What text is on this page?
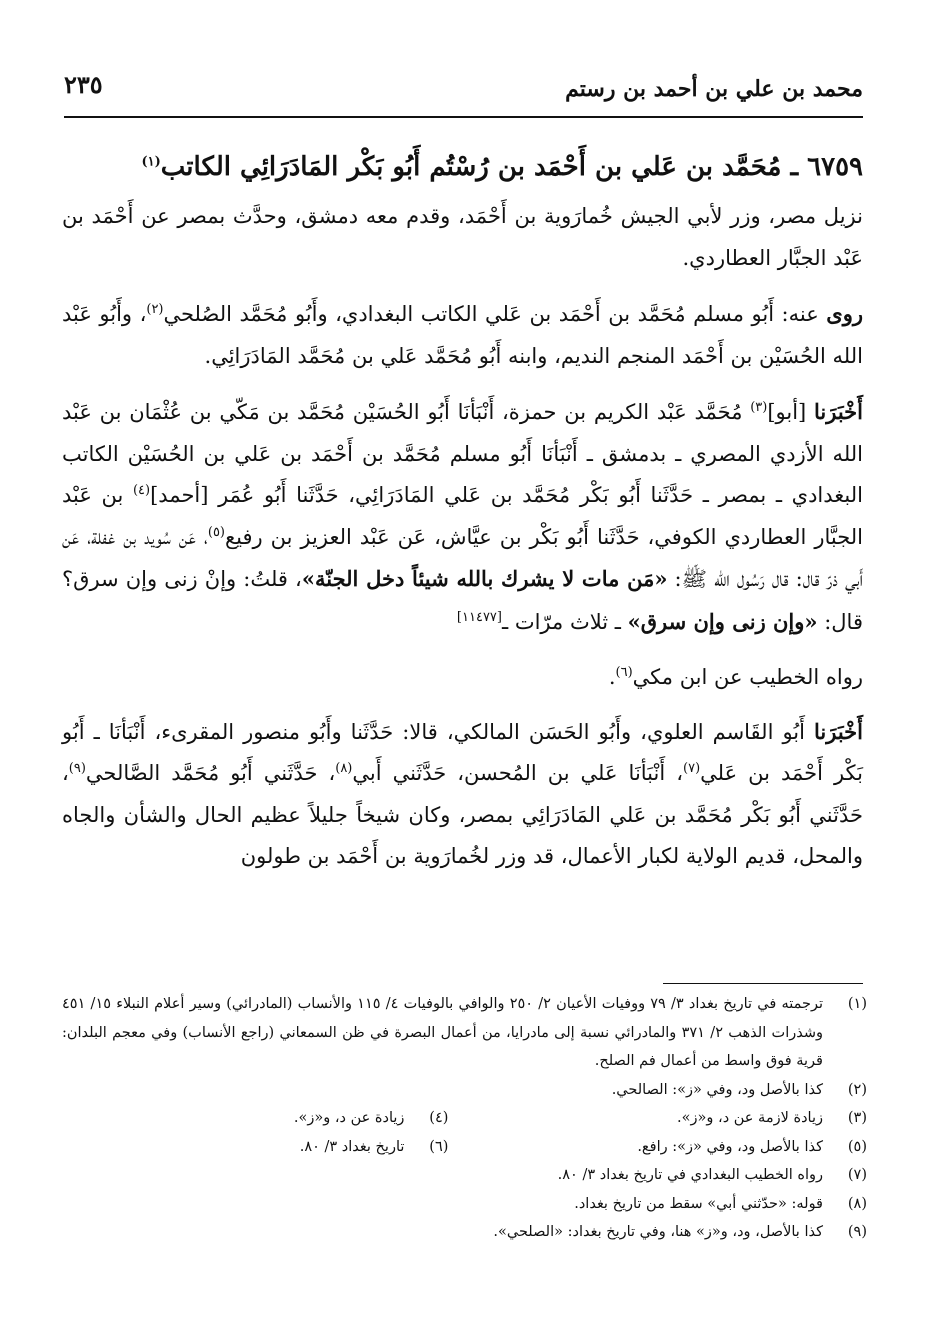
محمد بن علي بن أحمد بن رستم
٢٣٥

٦٧٥٩ ـ مُحَمَّد بن عَلي بن أَحْمَد بن رُسْتُم أَبُو بَكْر المَادَرَائِي الكاتب$^{(١)}$

نزيل مصر، وزر لأبي الجيش خُمارَوية بن أَحْمَد، وقدم معه دمشق، وحدَّث بمصر عن أَحْمَد بن عَبْد الجبَّار العطاردي.

روى عنه: أَبُو مسلم مُحَمَّد بن أَحْمَد بن عَلي الكاتب البغدادي، وأَبُو مُحَمَّد الصُلحي$^{(٢)}$، وأَبُو عَبْد الله الحُسَيْن بن أَحْمَد المنجم النديم، وابنه أَبُو مُحَمَّد عَلي بن مُحَمَّد المَادَرَائِي.

أَخْبَرَنا [أبو]$^{(٣)}$ مُحَمَّد عَبْد الكريم بن حمزة، أَنْبَأنَا أَبُو الحُسَيْن مُحَمَّد بن مَكّي بن عُثْمَان بن عَبْد الله الأزدي المصري ـ بدمشق ـ أَنْبَأنَا أَبُو مسلم مُحَمَّد بن أَحْمَد بن عَلي بن الحُسَيْن الكاتب البغدادي ـ بمصر ـ حَدَّثَنا أَبُو بَكْر مُحَمَّد بن عَلي المَادَرَائِي، حَدَّثَنا أَبُو عُمَر [أحمد]$^{(٤)}$ بن عَبْد الجبَّار العطاردي الكوفي، حَدَّثَنا أَبُو بَكْر بن عيَّاش، عَن عَبْد العزيز بن رفيع$^{(٥)}$، عَن سُويد بن غفلة، عَن أَبي ذرّ قال: قال رَسُول الله ﷺ: «مَن مات لا يشرك بالله شيئاً دخل الجنّة»، قلتُ: وإنْ زنى وإن سرق؟ قال: «وإن زنى وإن سرق» ـ ثلاث مرّات ـ[١١٤٧٧]

رواه الخطيب عن ابن مكي$^{(٦)}$.

أَخْبَرَنا أَبُو القَاسم العلوي، وأَبُو الحَسَن المالكي، قالا: حَدَّثَنا وأَبُو منصور المقرىء، أَنْبَأنَا ـ أَبُو بَكْر أَحْمَد بن عَلي$^{(٧)}$، أَنْبَأنَا عَلي بن المُحسن، حَدَّثَني أَبي$^{(٨)}$، حَدَّثَني أَبُو مُحَمَّد الصَّالحي$^{(٩)}$، حَدَّثَني أَبُو بَكْر مُحَمَّد بن عَلي المَادَرَائِي بمصر، وكان شيخاً جليلاً عظيم الحال والشأن والجاه والمحل، قديم الولاية لكبار الأعمال، قد وزر لخُمارَوية بن أَحْمَد بن طولون

(١)
ترجمته في تاريخ بغداد ٣/ ٧٩ ووفيات الأعيان ٢/ ٢٥٠ والوافي بالوفيات ٤/ ١١٥ والأنساب (المادرائي) وسير أعلام النبلاء ١٥/ ٤٥١ وشذرات الذهب ٢/ ٣٧١ والمادرائي نسبة إلى مادرايا، من أعمال البصرة في ظن السمعاني (راجع الأنساب) وفي معجم البلدان: قرية فوق واسط من أعمال فم الصلح.
(٢)
كذا بالأصل ود، وفي «ز»: الصالحي.
(٣)
زيادة لازمة عن د، و«ز».
(٤)
زيادة عن د، و«ز».
(٥)
كذا بالأصل ود، وفي «ز»: رافع.
(٦)
تاريخ بغداد ٣/ ٨٠.
(٧)
رواه الخطيب البغدادي في تاريخ بغداد ٣/ ٨٠.
(٨)
قوله: «حدّثني أبي» سقط من تاريخ بغداد.
(٩)
كذا بالأصل، ود، و«ز» هنا، وفي تاريخ بغداد: «الصلحي».
